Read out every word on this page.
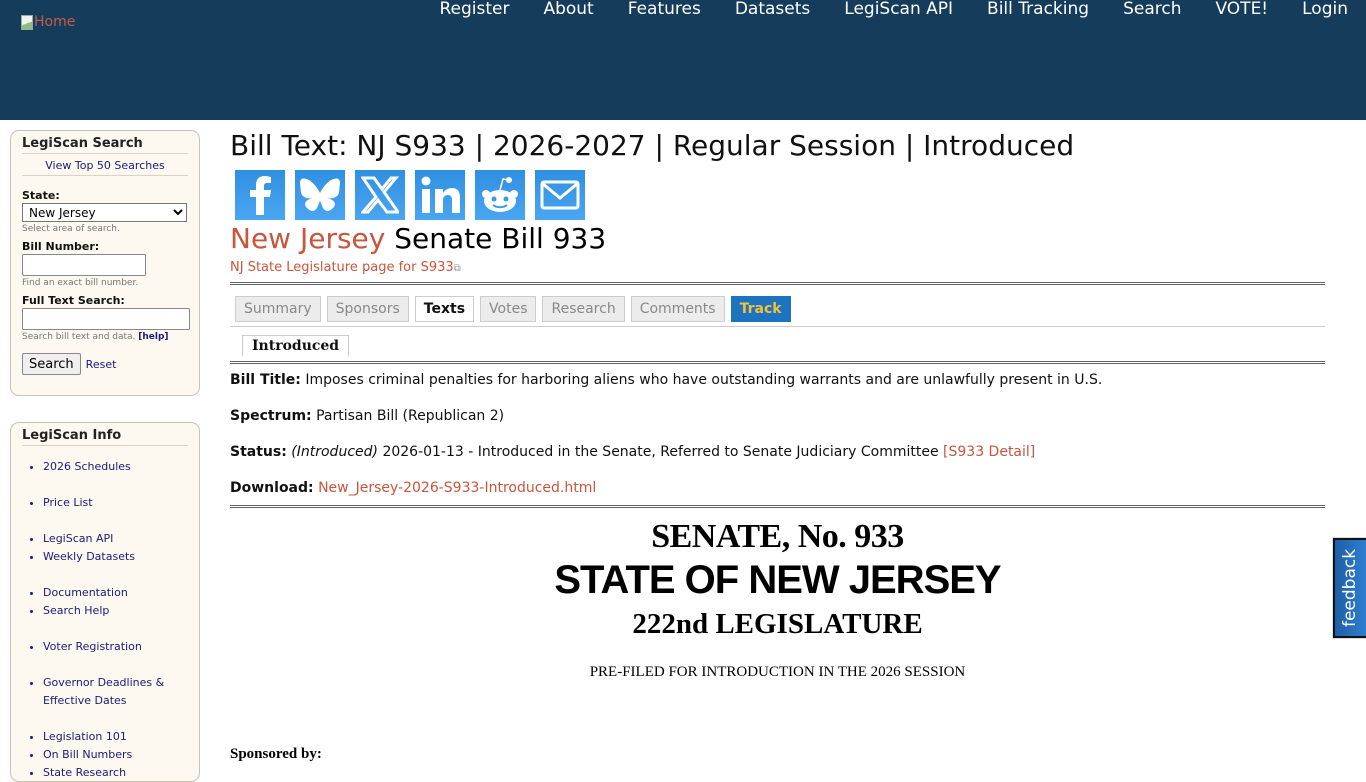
Home
Register	About	Features	Datasets	LegiScan API	Bill Tracking	Search	VOTE!	Login
LegiScan Search
View Top 50 Searches
State:
New Jersey
Select area of search.
Bill Number:
Find an exact bill number.
Full Text Search:
Search bill text and data. [help]
Search	Reset
LegiScan Info
• 2026 Schedules
• Price List
• LegiScan API
• Weekly Datasets
• Documentation
• Search Help
• Voter Registration
• Governor Deadlines & Effective Dates
• Legislation 101
• On Bill Numbers
• State Research
Bill Text: NJ S933 | 2026-2027 | Regular Session | Introduced
New Jersey Senate Bill 933
NJ State Legislature page for S933⧉
Summary	Sponsors	Texts	Votes	Research	Comments	Track
Introduced

Bill Title: Imposes criminal penalties for harboring aliens who have outstanding warrants and are unlawfully present in U.S.

Spectrum: Partisan Bill (Republican 2)

Status: (Introduced) 2026-01-13 - Introduced in the Senate, Referred to Senate Judiciary Committee [S933 Detail]

Download: New_Jersey-2026-S933-Introduced.html

SENATE, No. 933
STATE OF NEW JERSEY
222nd LEGISLATURE
PRE-FILED FOR INTRODUCTION IN THE 2026 SESSION
Sponsored by:
feedback
